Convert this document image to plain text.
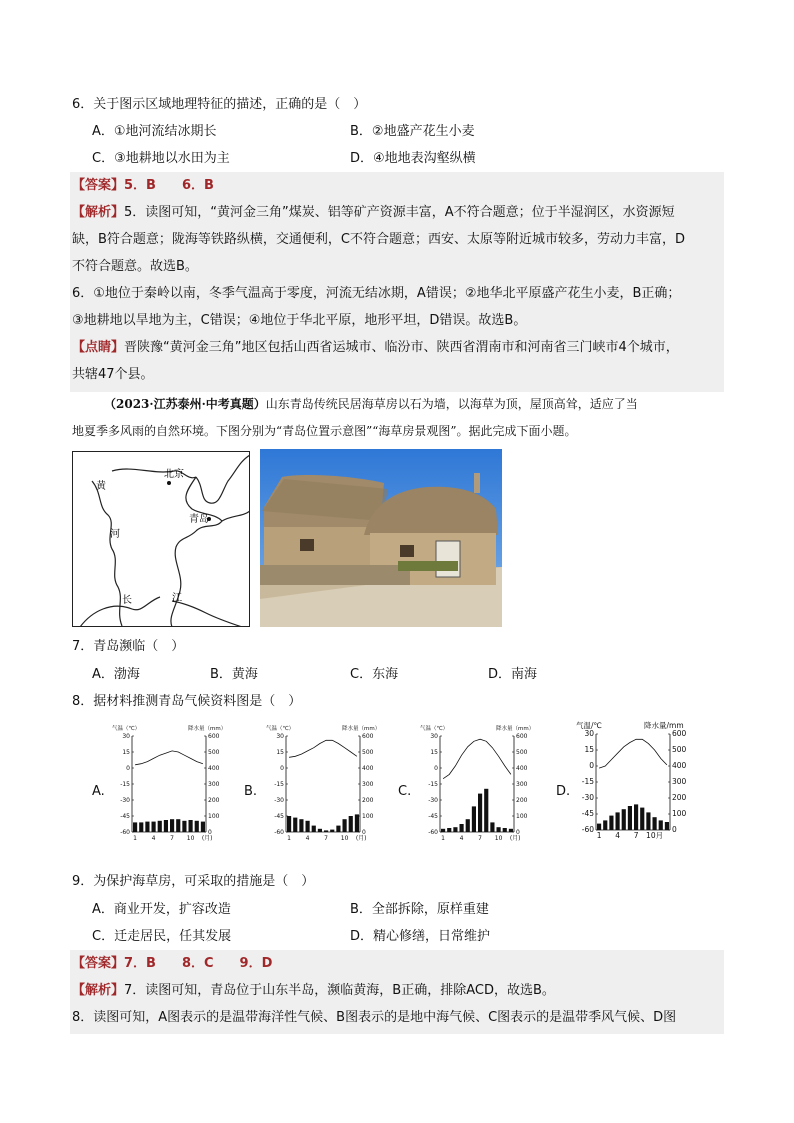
6．关于图示区域地理特征的描述，正确的是（　）
A．①地河流结冰期长	B．②地盛产花生小麦
C．③地耕地以水田为主	D．④地地表沟壑纵横
【答案】5．B　　6．B
【解析】5．读图可知，“黄河金三角”煤炭、铝等矿产资源丰富，A不符合题意；位于半湿润区，水资源短
缺，B符合题意；陇海等铁路纵横，交通便利，C不符合题意；西安、太原等附近城市较多，劳动力丰富，D
不符合题意。故选B。
6．①地位于秦岭以南，冬季气温高于零度，河流无结冰期，A错误；②地华北平原盛产花生小麦，B正确；
③地耕地以旱地为主，C错误；④地位于华北平原，地形平坦，D错误。故选B。
【点睛】晋陕豫“黄河金三角”地区包括山西省运城市、临汾市、陕西省渭南市和河南省三门峡市4个城市，
共辖47个县。
（2023·江苏泰州·中考真题）山东青岛传统民居海草房以石为墙，以海草为顶，屋顶高耸，适应了当
地夏季多风雨的自然环境。下图分别为“青岛位置示意图”“海草房景观图”。据此完成下面小题。
北京
青岛
黄
河
长	江
7．青岛濒临（　）
A．渤海	B．黄海	C．东海	D．南海
8．据材料推测青岛气候资料图是（　）
A.	B.	C.	D.
气温（℃）	降水量（mm）
30
15
0
-15
-30
-45
-60
600
500
400
300
200
100
0
1 4 7 10 (月)
气温（℃）	降水量（mm）
30
15
0
-15
-30
-45
-60
600
500
400
300
200
100
0
1 4 7 10 (月)
气温（℃）	降水量（mm）
30
15
0
-15
-30
-45
-60
600
500
400
300
200
100
0
1 4 7 10 (月)
气温/℃	降水量/mm
30
15
0
-15
-30
-45
-60
600
500
400
300
200
100
0
1 4 7 10月
9．为保护海草房，可采取的措施是（　）
A．商业开发，扩容改造	B．全部拆除，原样重建
C．迁走居民，任其发展	D．精心修缮，日常维护
【答案】7．B　　8．C　　9．D
【解析】7．读图可知，青岛位于山东半岛，濒临黄海，B正确，排除ACD，故选B。
8．读图可知，A图表示的是温带海洋性气候、B图表示的是地中海气候、C图表示的是温带季风气候、D图
